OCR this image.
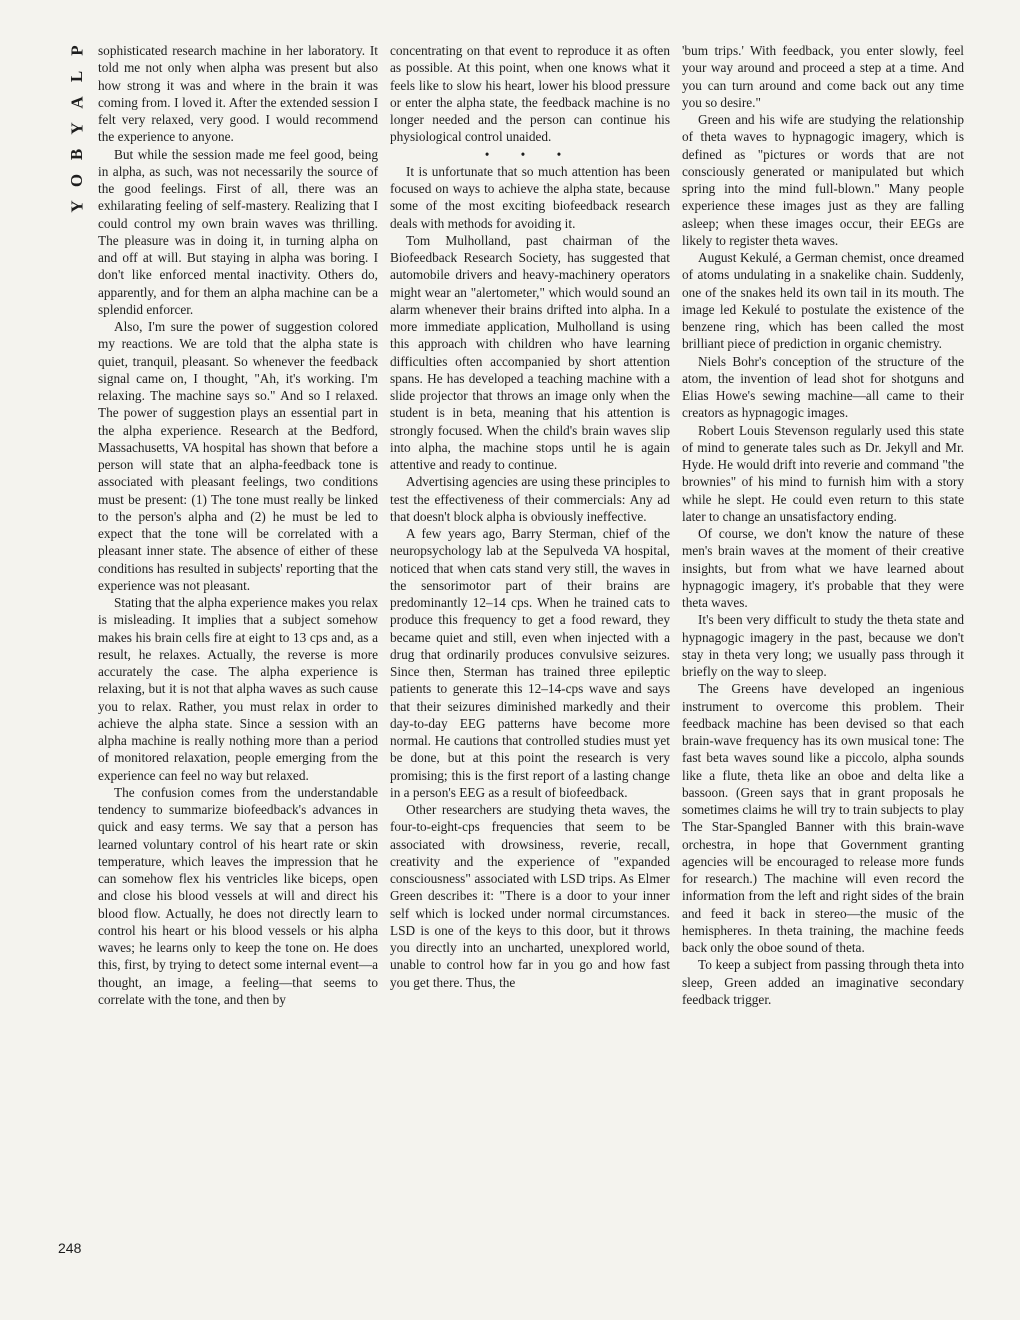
P
L
A
Y
B
O
Y
248

sophisticated research machine in her laboratory. It told me not only when alpha was present but also how strong it was and where in the brain it was coming from. I loved it. After the extended session I felt very relaxed, very good. I would recommend the experience to anyone.

But while the session made me feel good, being in alpha, as such, was not necessarily the source of the good feelings. First of all, there was an exhilarating feeling of self-mastery. Realizing that I could control my own brain waves was thrilling. The pleasure was in doing it, in turning alpha on and off at will. But staying in alpha was boring. I don't like enforced mental inactivity. Others do, apparently, and for them an alpha machine can be a splendid enforcer.

Also, I'm sure the power of suggestion colored my reactions. We are told that the alpha state is quiet, tranquil, pleasant. So whenever the feedback signal came on, I thought, "Ah, it's working. I'm relaxing. The machine says so." And so I relaxed. The power of suggestion plays an essential part in the alpha experience. Research at the Bedford, Massachusetts, VA hospital has shown that before a person will state that an alpha-feedback tone is associated with pleasant feelings, two conditions must be present: (1) The tone must really be linked to the person's alpha and (2) he must be led to expect that the tone will be correlated with a pleasant inner state. The absence of either of these conditions has resulted in subjects' reporting that the experience was not pleasant.

Stating that the alpha experience makes you relax is misleading. It implies that a subject somehow makes his brain cells fire at eight to 13 cps and, as a result, he relaxes. Actually, the reverse is more accurately the case. The alpha experience is relaxing, but it is not that alpha waves as such cause you to relax. Rather, you must relax in order to achieve the alpha state. Since a session with an alpha machine is really nothing more than a period of monitored relaxation, people emerging from the experience can feel no way but relaxed.

The confusion comes from the understandable tendency to summarize biofeedback's advances in quick and easy terms. We say that a person has learned voluntary control of his heart rate or skin temperature, which leaves the impression that he can somehow flex his ventricles like biceps, open and close his blood vessels at will and direct his blood flow. Actually, he does not directly learn to control his heart or his blood vessels or his alpha waves; he learns only to keep the tone on. He does this, first, by trying to detect some internal event—a thought, an image, a feeling—that seems to correlate with the tone, and then by

concentrating on that event to reproduce it as often as possible. At this point, when one knows what it feels like to slow his heart, lower his blood pressure or enter the alpha state, the feedback machine is no longer needed and the person can continue his physiological control unaided.

• • •

It is unfortunate that so much attention has been focused on ways to achieve the alpha state, because some of the most exciting biofeedback research deals with methods for avoiding it.

Tom Mulholland, past chairman of the Biofeedback Research Society, has suggested that automobile drivers and heavy-machinery operators might wear an "alertometer," which would sound an alarm whenever their brains drifted into alpha. In a more immediate application, Mulholland is using this approach with children who have learning difficulties often accompanied by short attention spans. He has developed a teaching machine with a slide projector that throws an image only when the student is in beta, meaning that his attention is strongly focused. When the child's brain waves slip into alpha, the machine stops until he is again attentive and ready to continue.

Advertising agencies are using these principles to test the effectiveness of their commercials: Any ad that doesn't block alpha is obviously ineffective.

A few years ago, Barry Sterman, chief of the neuropsychology lab at the Sepulveda VA hospital, noticed that when cats stand very still, the waves in the sensorimotor part of their brains are predominantly 12–14 cps. When he trained cats to produce this frequency to get a food reward, they became quiet and still, even when injected with a drug that ordinarily produces convulsive seizures. Since then, Sterman has trained three epileptic patients to generate this 12–14-cps wave and says that their seizures diminished markedly and their day-to-day EEG patterns have become more normal. He cautions that controlled studies must yet be done, but at this point the research is very promising; this is the first report of a lasting change in a person's EEG as a result of biofeedback.

Other researchers are studying theta waves, the four-to-eight-cps frequencies that seem to be associated with drowsiness, reverie, recall, creativity and the experience of "expanded consciousness" associated with LSD trips. As Elmer Green describes it: "There is a door to your inner self which is locked under normal circumstances. LSD is one of the keys to this door, but it throws you directly into an uncharted, unexplored world, unable to control how far in you go and how fast you get there. Thus, the

'bum trips.' With feedback, you enter slowly, feel your way around and proceed a step at a time. And you can turn around and come back out any time you so desire."

Green and his wife are studying the relationship of theta waves to hypnagogic imagery, which is defined as "pictures or words that are not consciously generated or manipulated but which spring into the mind full-blown." Many people experience these images just as they are falling asleep; when these images occur, their EEGs are likely to register theta waves.

August Kekulé, a German chemist, once dreamed of atoms undulating in a snakelike chain. Suddenly, one of the snakes held its own tail in its mouth. The image led Kekulé to postulate the existence of the benzene ring, which has been called the most brilliant piece of prediction in organic chemistry.

Niels Bohr's conception of the structure of the atom, the invention of lead shot for shotguns and Elias Howe's sewing machine—all came to their creators as hypnagogic images.

Robert Louis Stevenson regularly used this state of mind to generate tales such as Dr. Jekyll and Mr. Hyde. He would drift into reverie and command "the brownies" of his mind to furnish him with a story while he slept. He could even return to this state later to change an unsatisfactory ending.

Of course, we don't know the nature of these men's brain waves at the moment of their creative insights, but from what we have learned about hypnagogic imagery, it's probable that they were theta waves.

It's been very difficult to study the theta state and hypnagogic imagery in the past, because we don't stay in theta very long; we usually pass through it briefly on the way to sleep.

The Greens have developed an ingenious instrument to overcome this problem. Their feedback machine has been devised so that each brain-wave frequency has its own musical tone: The fast beta waves sound like a piccolo, alpha sounds like a flute, theta like an oboe and delta like a bassoon. (Green says that in grant proposals he sometimes claims he will try to train subjects to play The Star-Spangled Banner with this brain-wave orchestra, in hope that Government granting agencies will be encouraged to release more funds for research.) The machine will even record the information from the left and right sides of the brain and feed it back in stereo—the music of the hemispheres. In theta training, the machine feeds back only the oboe sound of theta.

To keep a subject from passing through theta into sleep, Green added an imaginative secondary feedback trigger.
